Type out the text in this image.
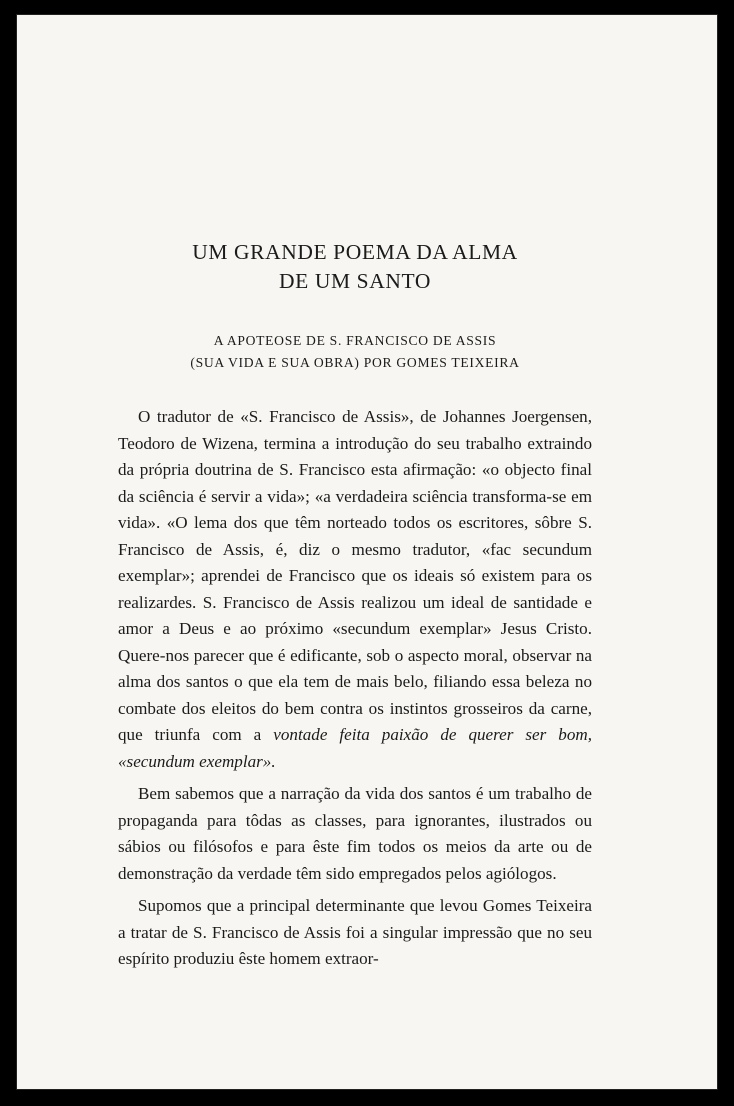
UM GRANDE POEMA DA ALMA
DE UM SANTO
A APOTEOSE DE S. FRANCISCO DE ASSIS
(SUA VIDA E SUA OBRA) POR GOMES TEIXEIRA

O tradutor de «S. Francisco de Assis», de Johannes Joergensen, Teodoro de Wizena, termina a introdução do seu trabalho extraindo da própria doutrina de S. Francisco esta afirmação: «o objecto final da sciência é servir a vida»; «a verdadeira sciência transforma-se em vida». «O lema dos que têm norteado todos os escritores, sôbre S. Francisco de Assis, é, diz o mesmo tradutor, «fac secundum exemplar»; aprendei de Francisco que os ideais só existem para os realizardes. S. Francisco de Assis realizou um ideal de santidade e amor a Deus e ao próximo «secundum exemplar» Jesus Cristo. Quere-nos parecer que é edificante, sob o aspecto moral, observar na alma dos santos o que ela tem de mais belo, filiando essa beleza no combate dos eleitos do bem contra os instintos grosseiros da carne, que triunfa com a vontade feita paixão de querer ser bom, «secundum exemplar».

Bem sabemos que a narração da vida dos santos é um trabalho de propaganda para tôdas as classes, para ignorantes, ilustrados ou sábios ou filósofos e para êste fim todos os meios da arte ou de demonstração da verdade têm sido empregados pelos agiólogos.

Supomos que a principal determinante que levou Gomes Teixeira a tratar de S. Francisco de Assis foi a singular impressão que no seu espírito produziu êste homem extraor-
